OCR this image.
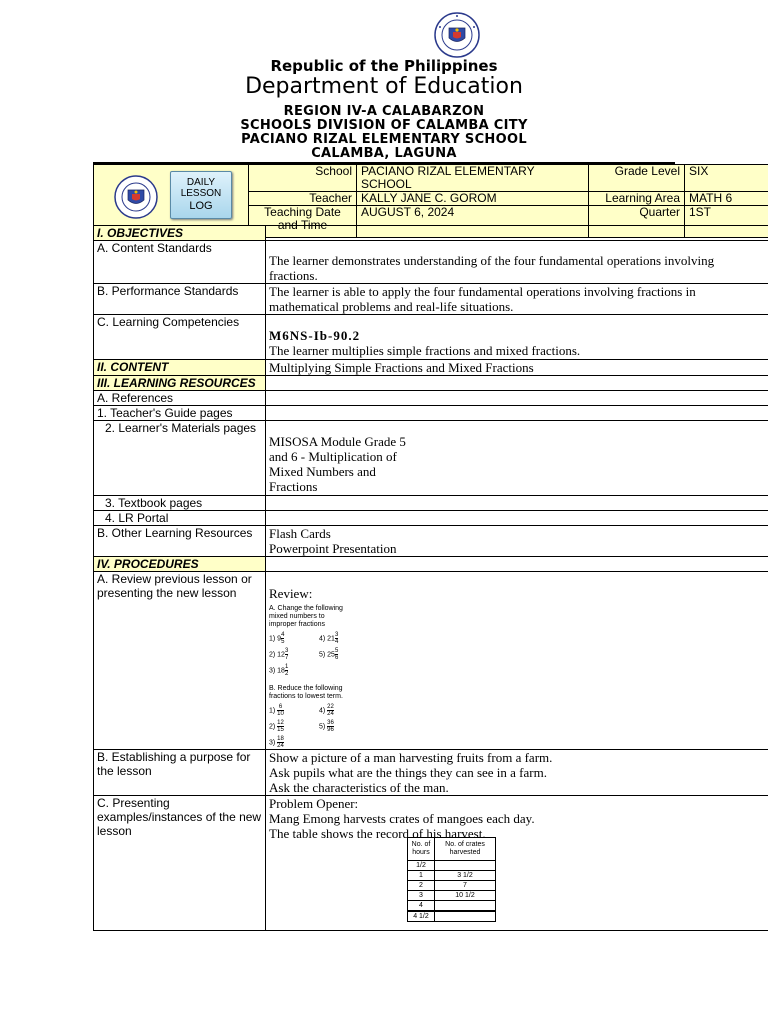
Republic of the Philippines
Department of Education
REGION IV-A CALABARZON
SCHOOLS DIVISION OF CALAMBA CITY
PACIANO RIZAL ELEMENTARY SCHOOL
CALAMBA, LAGUNA
DAILY
LESSON
LOG	School	PACIANO RIZAL ELEMENTARY SCHOOL	Grade Level	SIX
	Teacher	KALLY JANE C. GOROM	Learning Area	MATH 6
	Teaching Date and Time	AUGUST 6, 2024	Quarter	1ST
I. OBJECTIVES	
A. Content Standards	The learner demonstrates understanding of the four fundamental operations involving fractions.
B. Performance Standards	The learner is able to apply the four fundamental operations involving fractions in mathematical problems and real-life situations.
C. Learning Competencies	
M6NS-Ib-90.2
The learner multiplies simple fractions and mixed fractions.

II. CONTENT	Multiplying Simple Fractions and Mixed Fractions
III. LEARNING RESOURCES	
A. References	
1. Teacher's Guide pages	
2. Learner's Materials pages	
MISOSA Module Grade 5
and 6 - Multiplication of
Mixed Numbers and
Fractions

3. Textbook pages	
4. LR Portal	
B. Other Learning Resources	Flash Cards
Powerpoint Presentation

IV. PROCEDURES	
A. Review previous lesson or presenting the new lesson	Review:
A. Change the following
mixed numbers to
improper fractions
1) $9 \frac{4}{5}$	4) $21 \frac{3}{4}$
2) $12 \frac{3}{7}$	5) $25 \frac{5}{6}$
3) $18 \frac{1}{2}$
B. Reduce the following
fractions to lowest term.
$1) \frac{6}{10}$	$4) \frac{22}{24}$
$2) \frac{12}{15}$	$5) \frac{36}{96}$
$3) \frac{18}{24}$

B. Establishing a purpose for the lesson	
Show a picture of a man harvesting fruits from a farm.
Ask pupils what are the things they can see in a farm.
Ask the characteristics of the man.

C. Presenting examples/instances of the new lesson	
Problem Opener:
Mang Emong harvests crates of mangoes each day.
The table shows the record of his harvest.
No. of hours	No. of crates harvested
1/2	
1	3 1/2
2	7
3	10 1/2
4	
4 1/2	
